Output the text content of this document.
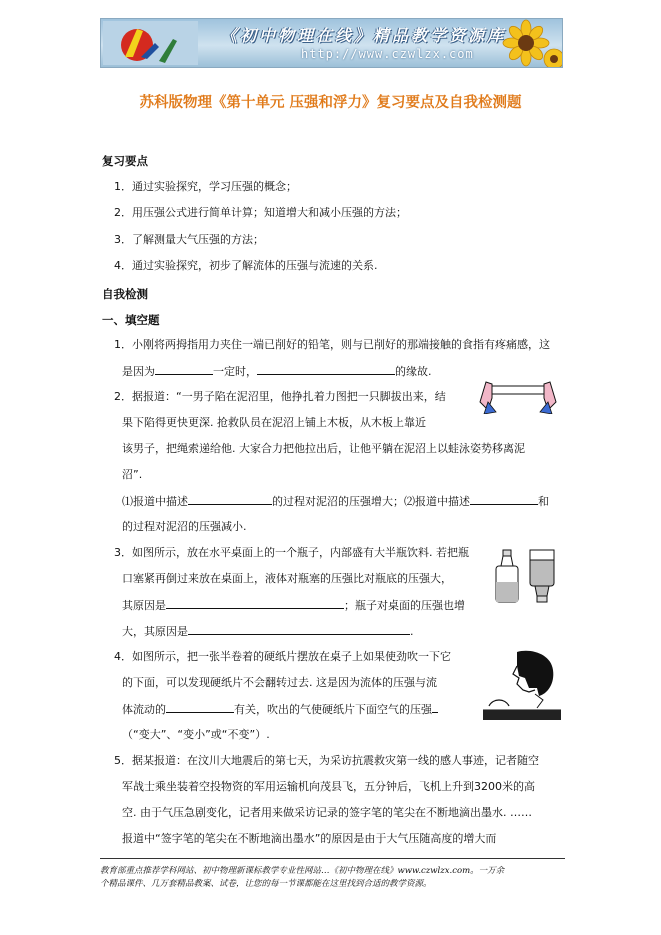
《初中物理在线》精品教学资源库
http://www.czwlzx.com
苏科版物理《第十单元 压强和浮力》复习要点及自我检测题
复习要点
1．通过实验探究，学习压强的概念；
2．用压强公式进行简单计算；知道增大和减小压强的方法；
3．了解测量大气压强的方法；
4．通过实验探究，初步了解流体的压强与流速的关系.
自我检测
一、填空题
1．小刚将两拇指用力夹住一端已削好的铅笔，则与已削好的那端接触的食指有疼痛感，这
是因为	一定时，	的缘故.
2．据报道：“一男子陷在泥沼里，他挣扎着力图把一只脚拔出来，结
果下陷得更快更深. 抢救队员在泥沼上铺上木板，从木板上靠近
该男子，把绳索递给他. 大家合力把他拉出后，让他平躺在泥沼上以蛙泳姿势移离泥
沼”.
⑴报道中描述	的过程对泥沼的压强增大；⑵报道中描述	和
的过程对泥沼的压强减小.
3．如图所示，放在水平桌面上的一个瓶子，内部盛有大半瓶饮料. 若把瓶
口塞紧再倒过来放在桌面上，液体对瓶塞的压强比对瓶底的压强大，
其原因是	；瓶子对桌面的压强也增
大，其原因是	.
4．如图所示，把一张半卷着的硬纸片摆放在桌子上如果使劲吹一下它
的下面，可以发现硬纸片不会翻转过去. 这是因为流体的压强与流
体流动的	有关，吹出的气使硬纸片下面空气的压强
（“变大”、“变小”或“不变”）.
5．据某报道：在汶川大地震后的第七天，为采访抗震救灾第一线的感人事迹，记者随空
军战士乘坐装着空投物资的军用运输机向茂县飞，五分钟后，飞机上升到3200米的高
空. 由于气压急剧变化，记者用来做采访记录的签字笔的笔尖在不断地滴出墨水. ……
报道中“签字笔的笔尖在不断地滴出墨水”的原因是由于大气压随高度的增大而
教育部重点推荐学科网站、初中物理新课标教学专业性网站…《初中物理在线》www.czwlzx.com。一万余
个精品课件、几万套精品教案、试卷，让您的每一节课都能在这里找到合适的教学资源。
